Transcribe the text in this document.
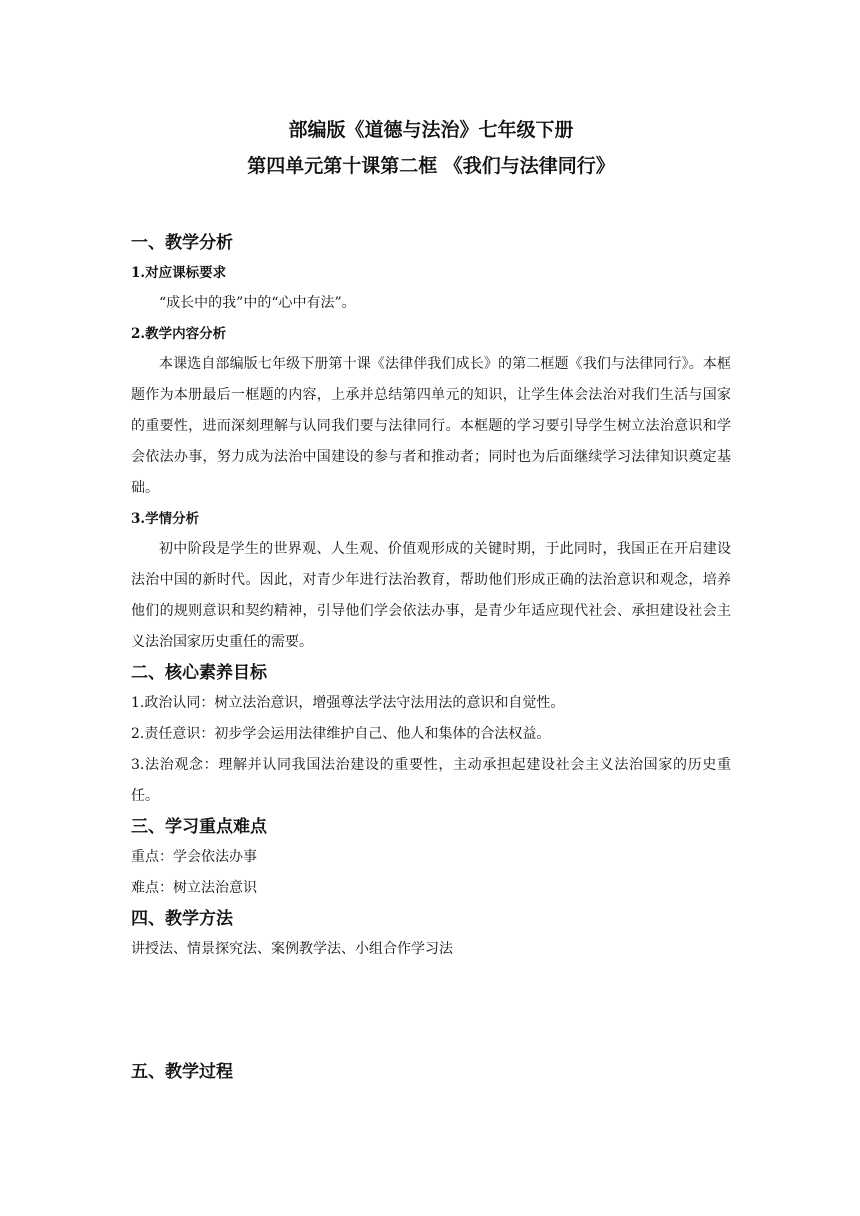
部编版《道德与法治》七年级下册

第四单元第十课第二框 《我们与法律同行》

一、教学分析

1.对应课标要求

“成长中的我”中的“心中有法”。

2.教学内容分析

本课选自部编版七年级下册第十课《法律伴我们成长》的第二框题《我们与法律同行》。本框题作为本册最后一框题的内容，上承并总结第四单元的知识，让学生体会法治对我们生活与国家的重要性，进而深刻理解与认同我们要与法律同行。本框题的学习要引导学生树立法治意识和学会依法办事，努力成为法治中国建设的参与者和推动者；同时也为后面继续学习法律知识奠定基础。

3.学情分析

初中阶段是学生的世界观、人生观、价值观形成的关键时期，于此同时，我国正在开启建设法治中国的新时代。因此，对青少年进行法治教育，帮助他们形成正确的法治意识和观念，培养他们的规则意识和契约精神，引导他们学会依法办事，是青少年适应现代社会、承担建设社会主义法治国家历史重任的需要。

二、核心素养目标

1.政治认同：树立法治意识，增强尊法学法守法用法的意识和自觉性。

2.责任意识：初步学会运用法律维护自己、他人和集体的合法权益。

3.法治观念：理解并认同我国法治建设的重要性，主动承担起建设社会主义法治国家的历史重任。

三、学习重点难点

重点：学会依法办事

难点：树立法治意识

四、教学方法

讲授法、情景探究法、案例教学法、小组合作学习法

五、教学过程
